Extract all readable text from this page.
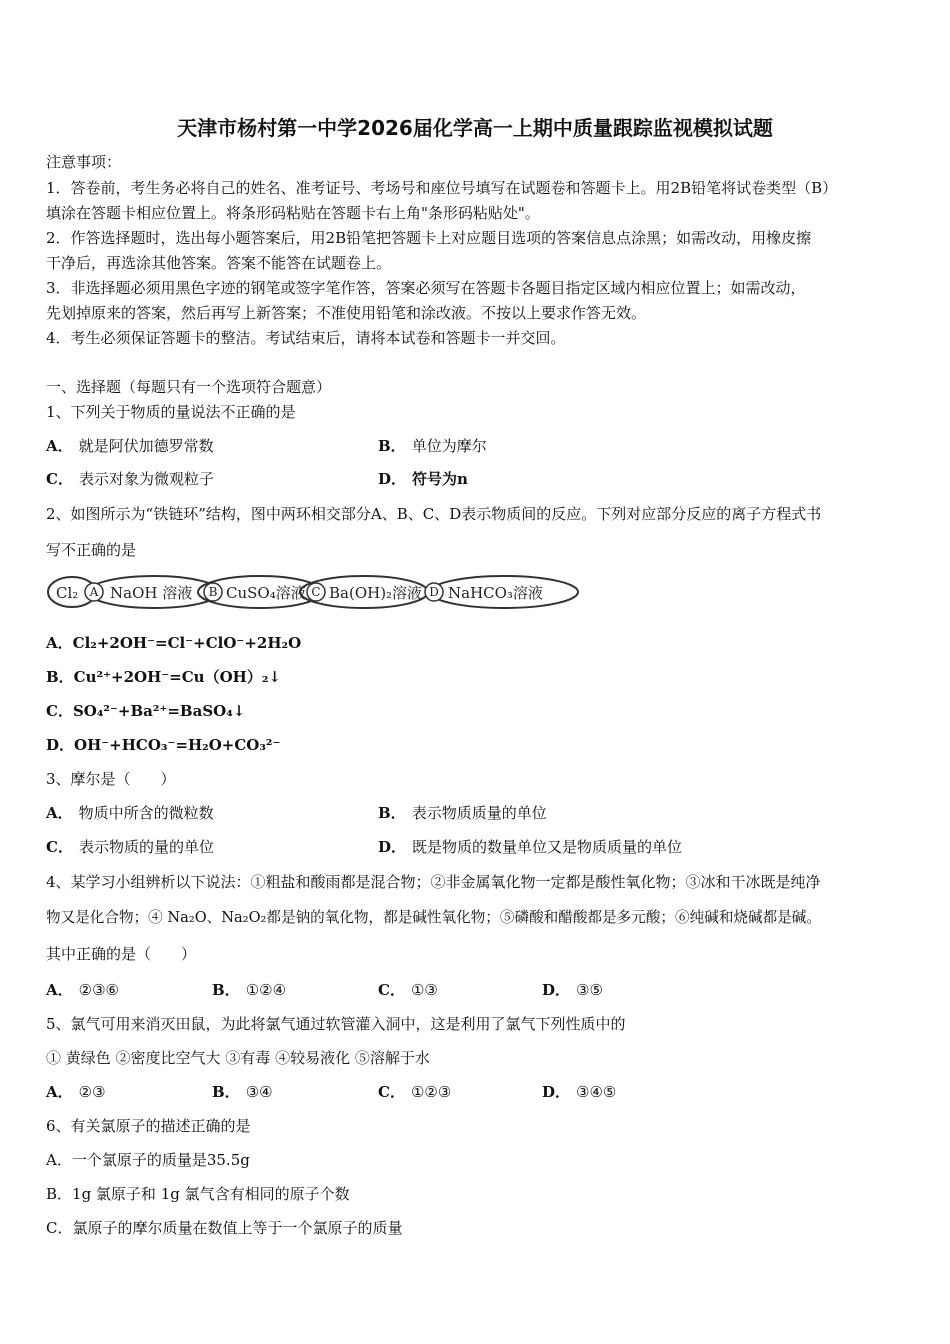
天津市杨村第一中学2026届化学高一上期中质量跟踪监视模拟试题
注意事项：
1．答卷前，考生务必将自己的姓名、准考证号、考场号和座位号填写在试题卷和答题卡上。用2B铅笔将试卷类型（B）
填涂在答题卡相应位置上。将条形码粘贴在答题卡右上角"条形码粘贴处"。
2．作答选择题时，选出每小题答案后，用2B铅笔把答题卡上对应题目选项的答案信息点涂黑；如需改动，用橡皮擦
干净后，再选涂其他答案。答案不能答在试题卷上。
3．非选择题必须用黑色字迹的钢笔或签字笔作答，答案必须写在答题卡各题目指定区域内相应位置上；如需改动，
先划掉原来的答案，然后再写上新答案；不准使用铅笔和涂改液。不按以上要求作答无效。
4．考生必须保证答题卡的整洁。考试结束后，请将本试卷和答题卡一并交回。
一、选择题（每题只有一个选项符合题意）
1、下列关于物质的量说法不正确的是
A． 就是阿伏加德罗常数	B． 单位为摩尔
C． 表示对象为微观粒子	D． 符号为n
2、如图所示为“铁链环”结构，图中两环相交部分A、B、C、D表示物质间的反应。下列对应部分反应的离子方程式书
写不正确的是
Cl₂ NaOH 溶液 CuSO₄溶液 Ba(OH)₂溶液 NaHCO₃溶液
A	B	C	D
A．Cl₂+2OH⁻=Cl⁻+ClO⁻+2H₂O
B．Cu²⁺+2OH⁻=Cu（OH）₂↓
C．SO₄²⁻+Ba²⁺=BaSO₄↓
D．OH⁻+HCO₃⁻=H₂O+CO₃²⁻
3、摩尔是（　　）
A． 物质中所含的微粒数	B． 表示物质质量的单位
C． 表示物质的量的单位	D． 既是物质的数量单位又是物质质量的单位
4、某学习小组辨析以下说法：①粗盐和酸雨都是混合物；②非金属氧化物一定都是酸性氧化物；③冰和干冰既是纯净
物又是化合物；④ Na₂O、Na₂O₂都是钠的氧化物，都是碱性氧化物；⑤磷酸和醋酸都是多元酸；⑥纯碱和烧碱都是碱。
其中正确的是（　　）
A． ②③⑥	B． ①②④	C． ①③	D． ③⑤
5、氯气可用来消灭田鼠，为此将氯气通过软管灌入洞中，这是利用了氯气下列性质中的
① 黄绿色 ②密度比空气大 ③有毒 ④较易液化 ⑤溶解于水
A． ②③	B． ③④	C． ①②③	D． ③④⑤
6、有关氯原子的描述正确的是
A．一个氯原子的质量是35.5g
B．1g 氯原子和 1g 氯气含有相同的原子个数
C．氯原子的摩尔质量在数值上等于一个氯原子的质量
